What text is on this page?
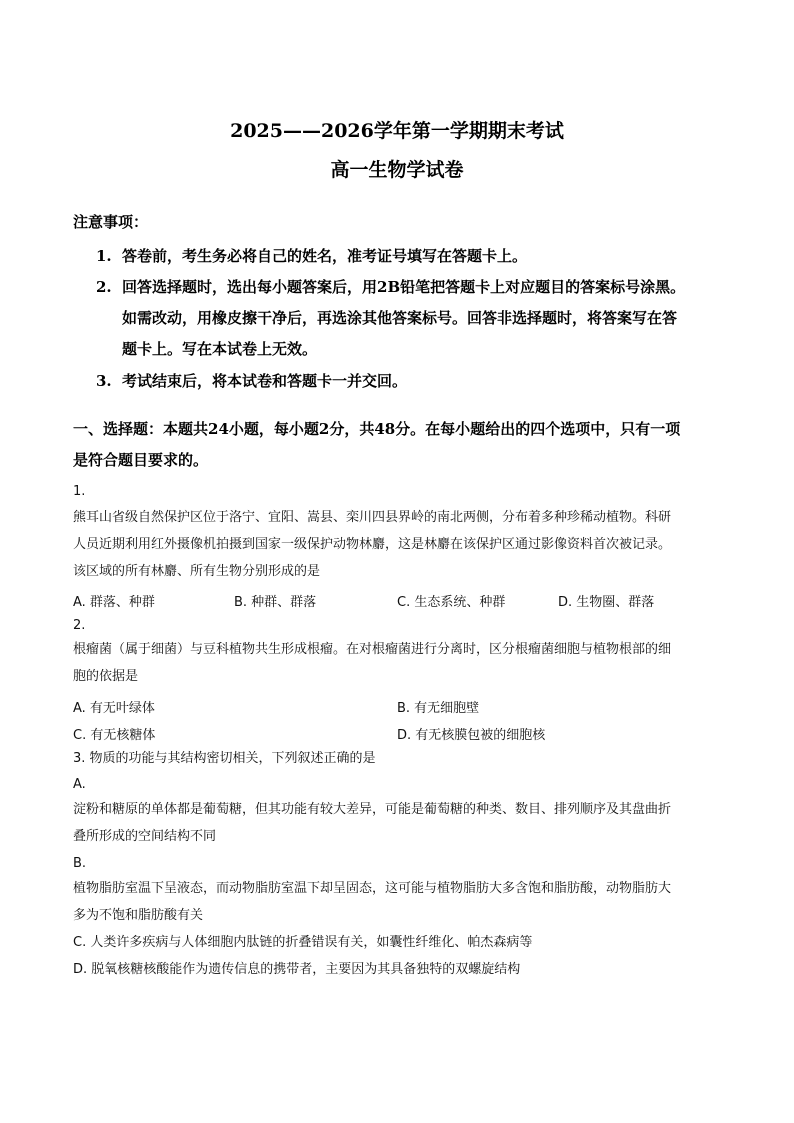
2025——2026学年第一学期期末考试
高一生物学试卷
注意事项：
1. 答卷前，考生务必将自己的姓名，准考证号填写在答题卡上。
2. 回答选择题时，选出每小题答案后，用2B铅笔把答题卡上对应题目的答案标号涂黑。
如需改动，用橡皮擦干净后，再选涂其他答案标号。回答非选择题时，将答案写在答
题卡上。写在本试卷上无效。
3. 考试结束后，将本试卷和答题卡一并交回。
一、选择题：本题共24小题，每小题2分，共48分。在每小题给出的四个选项中，只有一项
是符合题目要求的。
1.
熊耳山省级自然保护区位于洛宁、宜阳、嵩县、栾川四县界岭的南北两侧，分布着多种珍稀动植物。科研
人员近期利用红外摄像机拍摄到国家一级保护动物林麝，这是林麝在该保护区通过影像资料首次被记录。
该区域的所有林麝、所有生物分别形成的是
A. 群落、种群	B. 种群、群落	C. 生态系统、种群	D. 生物圈、群落
2.
根瘤菌（属于细菌）与豆科植物共生形成根瘤。在对根瘤菌进行分离时，区分根瘤菌细胞与植物根部的细
胞的依据是
A. 有无叶绿体	B. 有无细胞壁
C. 有无核糖体	D. 有无核膜包被的细胞核
3. 物质的功能与其结构密切相关，下列叙述正确的是
A.
淀粉和糖原的单体都是葡萄糖，但其功能有较大差异，可能是葡萄糖的种类、数目、排列顺序及其盘曲折
叠所形成的空间结构不同
B.
植物脂肪室温下呈液态，而动物脂肪室温下却呈固态，这可能与植物脂肪大多含饱和脂肪酸，动物脂肪大
多为不饱和脂肪酸有关
C. 人类许多疾病与人体细胞内肽链的折叠错误有关，如囊性纤维化、帕杰森病等
D. 脱氧核糖核酸能作为遗传信息的携带者，主要因为其具备独特的双螺旋结构
